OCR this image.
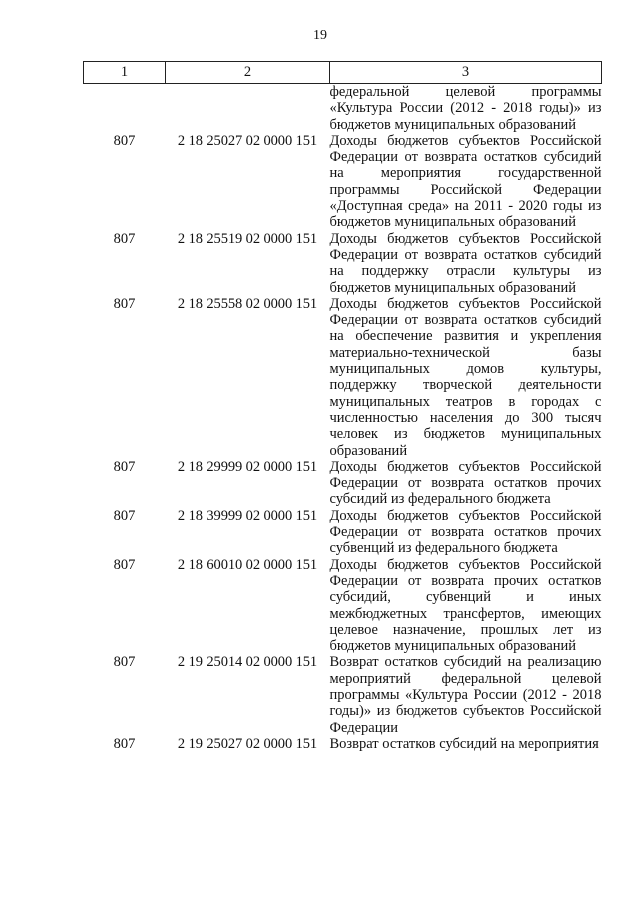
19
1	2	3
		федеральной целевой программы «Культура России (2012 - 2018 годы)» из бюджетов муниципальных образований
807	2 18 25027 02 0000 151	Доходы бюджетов субъектов Российской Федерации от возврата остатков субсидий на мероприятия государственной программы Российской Федерации «Доступная среда» на 2011 - 2020 годы из бюджетов муниципальных образований
807	2 18 25519 02 0000 151	Доходы бюджетов субъектов Российской Федерации от возврата остатков субсидий на поддержку отрасли культуры из бюджетов муниципальных образований
807	2 18 25558 02 0000 151	Доходы бюджетов субъектов Российской Федерации от возврата остатков субсидий на обеспечение развития и укрепления материально-технической базы муниципальных домов культуры, поддержку творческой деятельности муниципальных театров в городах с численностью населения до 300 тысяч человек из бюджетов муниципальных образований
807	2 18 29999 02 0000 151	Доходы бюджетов субъектов Российской Федерации от возврата остатков прочих субсидий из федерального бюджета
807	2 18 39999 02 0000 151	Доходы бюджетов субъектов Российской Федерации от возврата остатков прочих субвенций из федерального бюджета
807	2 18 60010 02 0000 151	Доходы бюджетов субъектов Российской Федерации от возврата прочих остатков субсидий, субвенций и иных межбюджетных трансфертов, имеющих целевое назначение, прошлых лет из бюджетов муниципальных образований
807	2 19 25014 02 0000 151	Возврат остатков субсидий на реализацию мероприятий федеральной целевой программы «Культура России (2012 - 2018 годы)» из бюджетов субъектов Российской Федерации
807	2 19 25027 02 0000 151	Возврат остатков субсидий на мероприятия
